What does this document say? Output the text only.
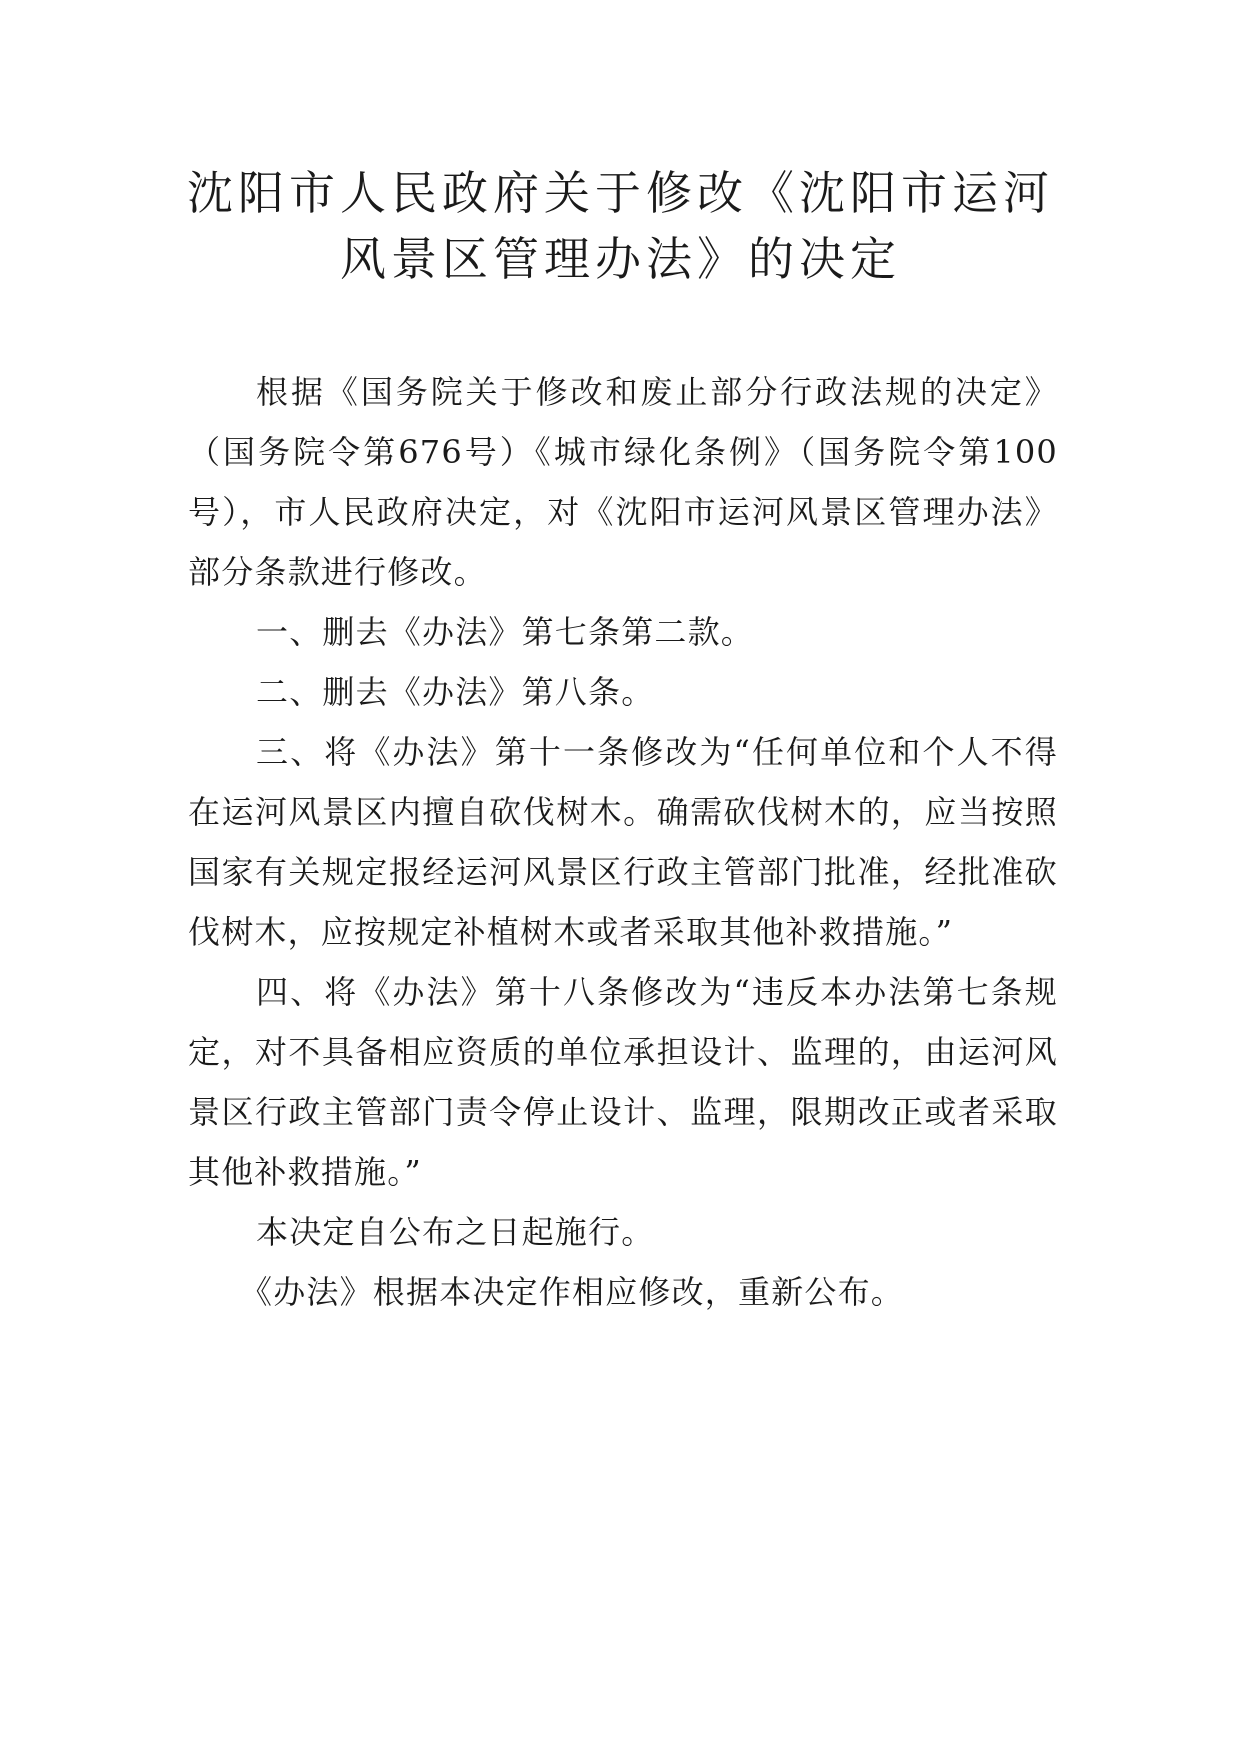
沈阳市人民政府关于修改《沈阳市运河
风景区管理办法》的决定

根据《国务院关于修改和废止部分行政法规的决定》（国务院令第676号）《城市绿化条例》（国务院令第100号），市人民政府决定，对《沈阳市运河风景区管理办法》部分条款进行修改。

一、删去《办法》第七条第二款。

二、删去《办法》第八条。

三、将《办法》第十一条修改为“任何单位和个人不得在运河风景区内擅自砍伐树木。确需砍伐树木的，应当按照国家有关规定报经运河风景区行政主管部门批准，经批准砍伐树木，应按规定补植树木或者采取其他补救措施。”

四、将《办法》第十八条修改为“违反本办法第七条规定，对不具备相应资质的单位承担设计、监理的，由运河风景区行政主管部门责令停止设计、监理，限期改正或者采取其他补救措施。”

本决定自公布之日起施行。

《办法》根据本决定作相应修改，重新公布。
